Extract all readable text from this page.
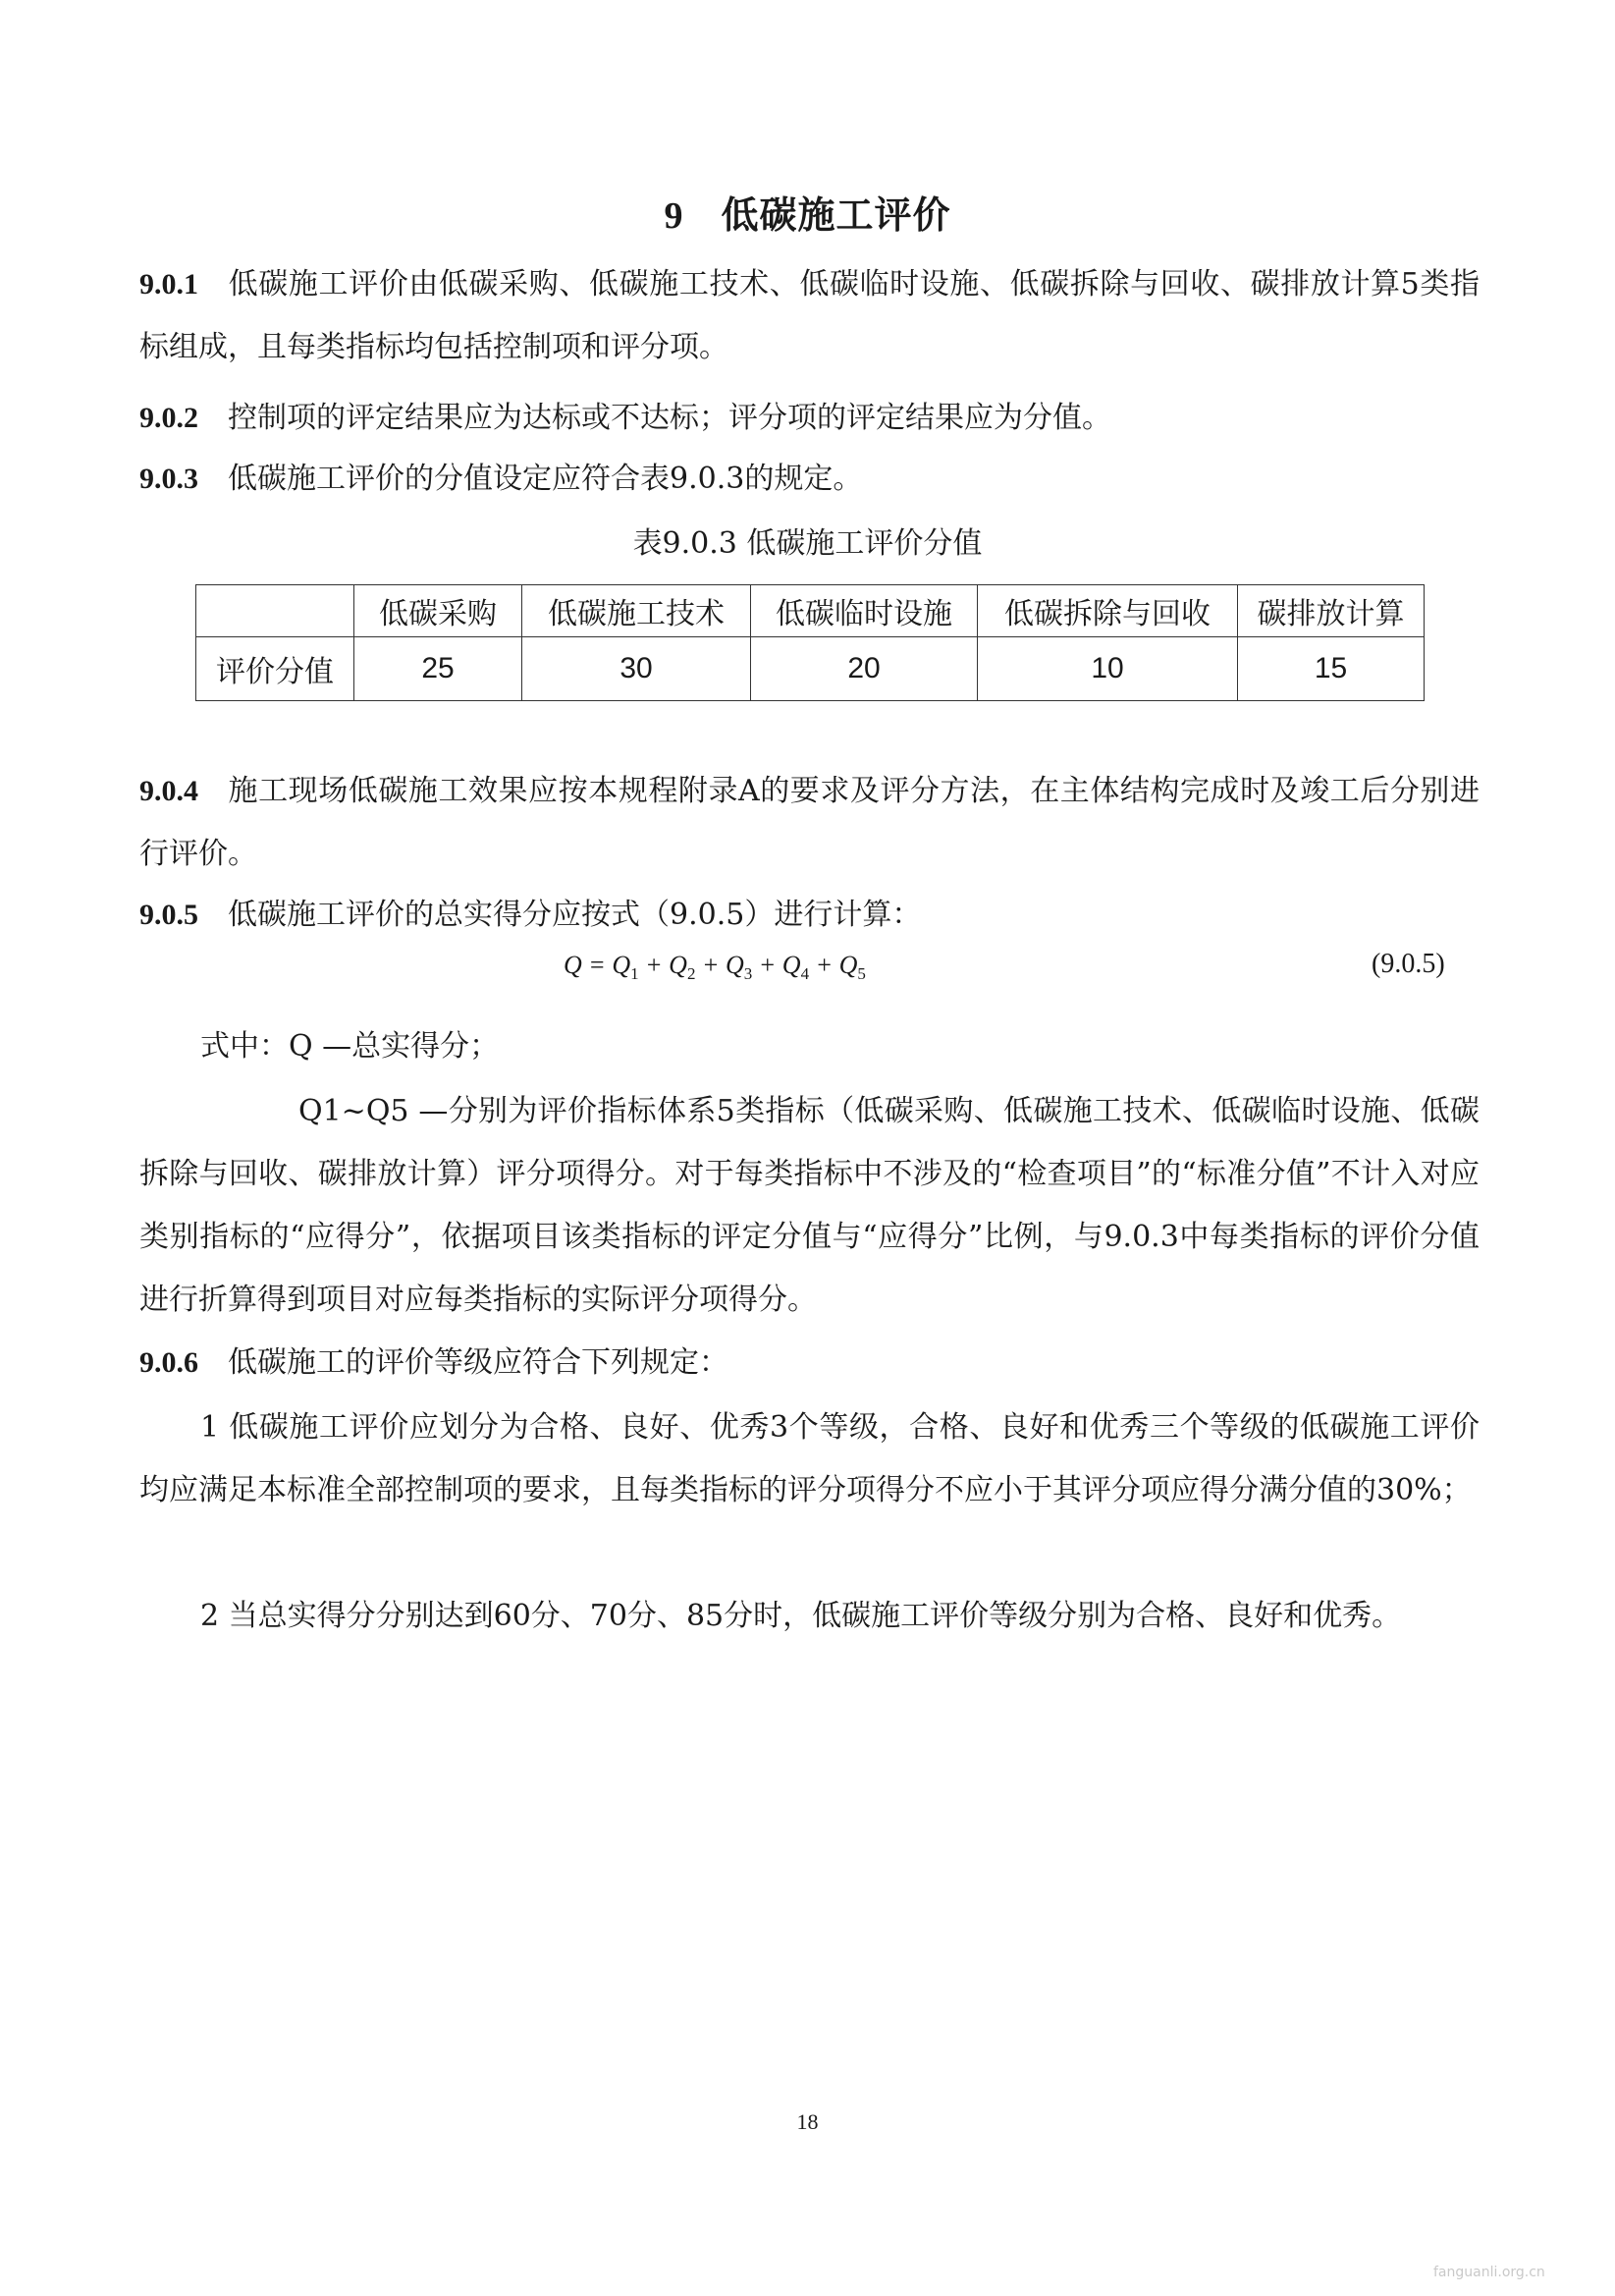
9 低碳施工评价
9.0.1 低碳施工评价由低碳采购、低碳施工技术、低碳临时设施、低碳拆除与回收、碳排放计算5类指标组成，且每类指标均包括控制项和评分项。
9.0.2 控制项的评定结果应为达标或不达标；评分项的评定结果应为分值。
9.0.3 低碳施工评价的分值设定应符合表9.0.3的规定。
表9.0.3 低碳施工评价分值
	低碳采购	低碳施工技术	低碳临时设施	低碳拆除与回收	碳排放计算
评价分值	25	30	20	10	15
9.0.4 施工现场低碳施工效果应按本规程附录A的要求及评分方法，在主体结构完成时及竣工后分别进行评价。
9.0.5 低碳施工评价的总实得分应按式（9.0.5）进行计算：
$Q = Q_1 + Q_2 + Q_3 + Q_4 + Q_5$	(9.0.5)
式中：Q —总实得分；
Q1~Q5 —分别为评价指标体系5类指标（低碳采购、低碳施工技术、低碳临时设施、低碳拆除与回收、碳排放计算）评分项得分。对于每类指标中不涉及的“检查项目”的“标准分值”不计入对应类别指标的“应得分”，依据项目该类指标的评定分值与“应得分”比例，与9.0.3中每类指标的评价分值进行折算得到项目对应每类指标的实际评分项得分。
9.0.6 低碳施工的评价等级应符合下列规定：
1 低碳施工评价应划分为合格、良好、优秀3个等级，合格、良好和优秀三个等级的低碳施工评价均应满足本标准全部控制项的要求，且每类指标的评分项得分不应小于其评分项应得分满分值的30%；
2 当总实得分分别达到60分、70分、85分时，低碳施工评价等级分别为合格、良好和优秀。
18
fanguanli.org.cn
